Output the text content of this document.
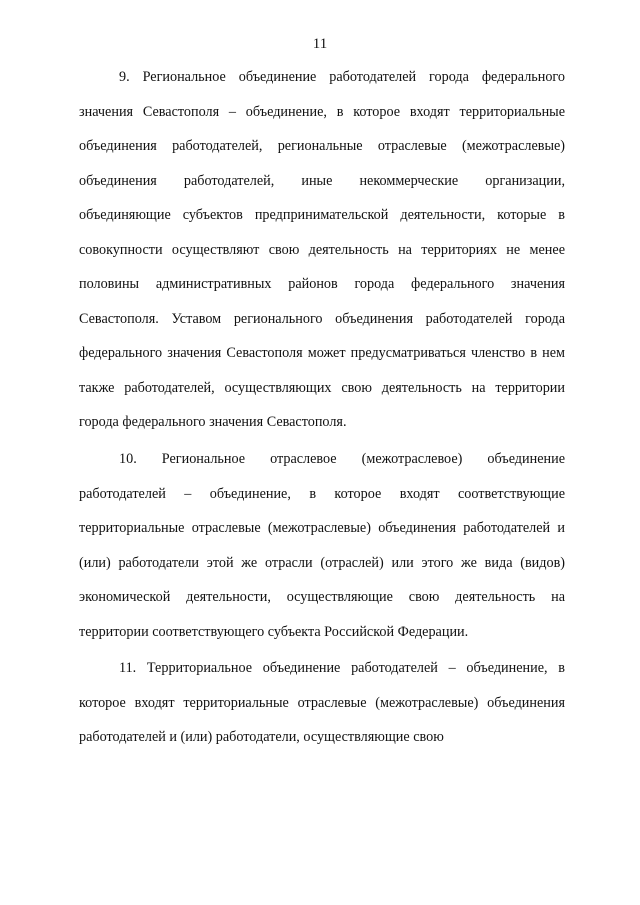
11

9. Региональное объединение работодателей города федерального значения Севастополя – объединение, в которое входят территориальные объединения работодателей, региональные отраслевые (межотраслевые) объединения работодателей, иные некоммерческие организации, объединяющие субъектов предпринимательской деятельности, которые в совокупности осуществляют свою деятельность на территориях не менее половины административных районов города федерального значения Севастополя. Уставом регионального объединения работодателей города федерального значения Севастополя может предусматриваться членство в нем также работодателей, осуществляющих свою деятельность на территории города федерального значения Севастополя.

10. Региональное отраслевое (межотраслевое) объединение работодателей – объединение, в которое входят соответствующие территориальные отраслевые (межотраслевые) объединения работодателей и (или) работодатели этой же отрасли (отраслей) или этого же вида (видов) экономической деятельности, осуществляющие свою деятельность на территории соответствующего субъекта Российской Федерации.

11. Территориальное объединение работодателей – объединение, в которое входят территориальные отраслевые (межотраслевые) объединения работодателей и (или) работодатели, осуществляющие свою
